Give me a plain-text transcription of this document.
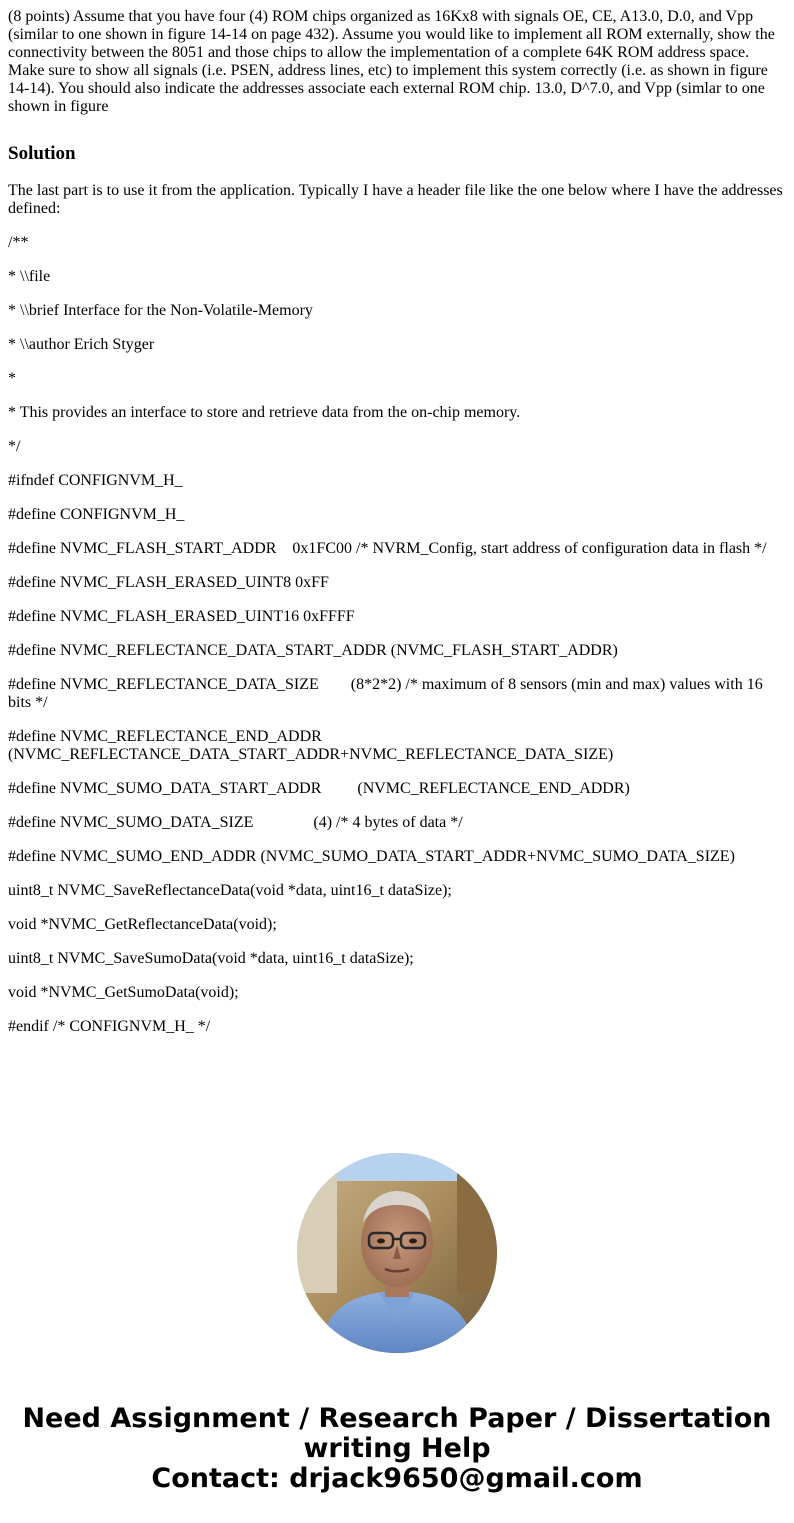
(8 points) Assume that you have four (4) ROM chips organized as 16Kx8 with signals OE, CE, A13.0, D.0, and Vpp (similar to one shown in figure 14-14 on page 432). Assume you would like to implement all ROM externally, show the connectivity between the 8051 and those chips to allow the implementation of a complete 64K ROM address space. Make sure to show all signals (i.e. PSEN, address lines, etc) to implement this system correctly (i.e. as shown in figure 14-14). You should also indicate the addresses associate each external ROM chip. 13.0, D^7.0, and Vpp (simlar to one shown in figure

Solution

The last part is to use it from the application. Typically I have a header file like the one below where I have the addresses defined:

/**

* \\file

* \\brief Interface for the Non-Volatile-Memory

* \\author Erich Styger

*

* This provides an interface to store and retrieve data from the on-chip memory.

*/

#ifndef CONFIGNVM_H_

#define CONFIGNVM_H_

#define NVMC_FLASH_START_ADDR    0x1FC00 /* NVRM_Config, start address of configuration data in flash */

#define NVMC_FLASH_ERASED_UINT8 0xFF

#define NVMC_FLASH_ERASED_UINT16 0xFFFF

#define NVMC_REFLECTANCE_DATA_START_ADDR (NVMC_FLASH_START_ADDR)

#define NVMC_REFLECTANCE_DATA_SIZE        (8*2*2) /* maximum of 8 sensors (min and max) values with 16 bits */

#define NVMC_REFLECTANCE_END_ADDR (NVMC_REFLECTANCE_DATA_START_ADDR+NVMC_REFLECTANCE_DATA_SIZE)

#define NVMC_SUMO_DATA_START_ADDR         (NVMC_REFLECTANCE_END_ADDR)

#define NVMC_SUMO_DATA_SIZE               (4) /* 4 bytes of data */

#define NVMC_SUMO_END_ADDR (NVMC_SUMO_DATA_START_ADDR+NVMC_SUMO_DATA_SIZE)

uint8_t NVMC_SaveReflectanceData(void *data, uint16_t dataSize);

void *NVMC_GetReflectanceData(void);

uint8_t NVMC_SaveSumoData(void *data, uint16_t dataSize);

void *NVMC_GetSumoData(void);

#endif /* CONFIGNVM_H_ */

Need Assignment / Research Paper / Dissertation writing Help
Contact: drjack9650@gmail.com
